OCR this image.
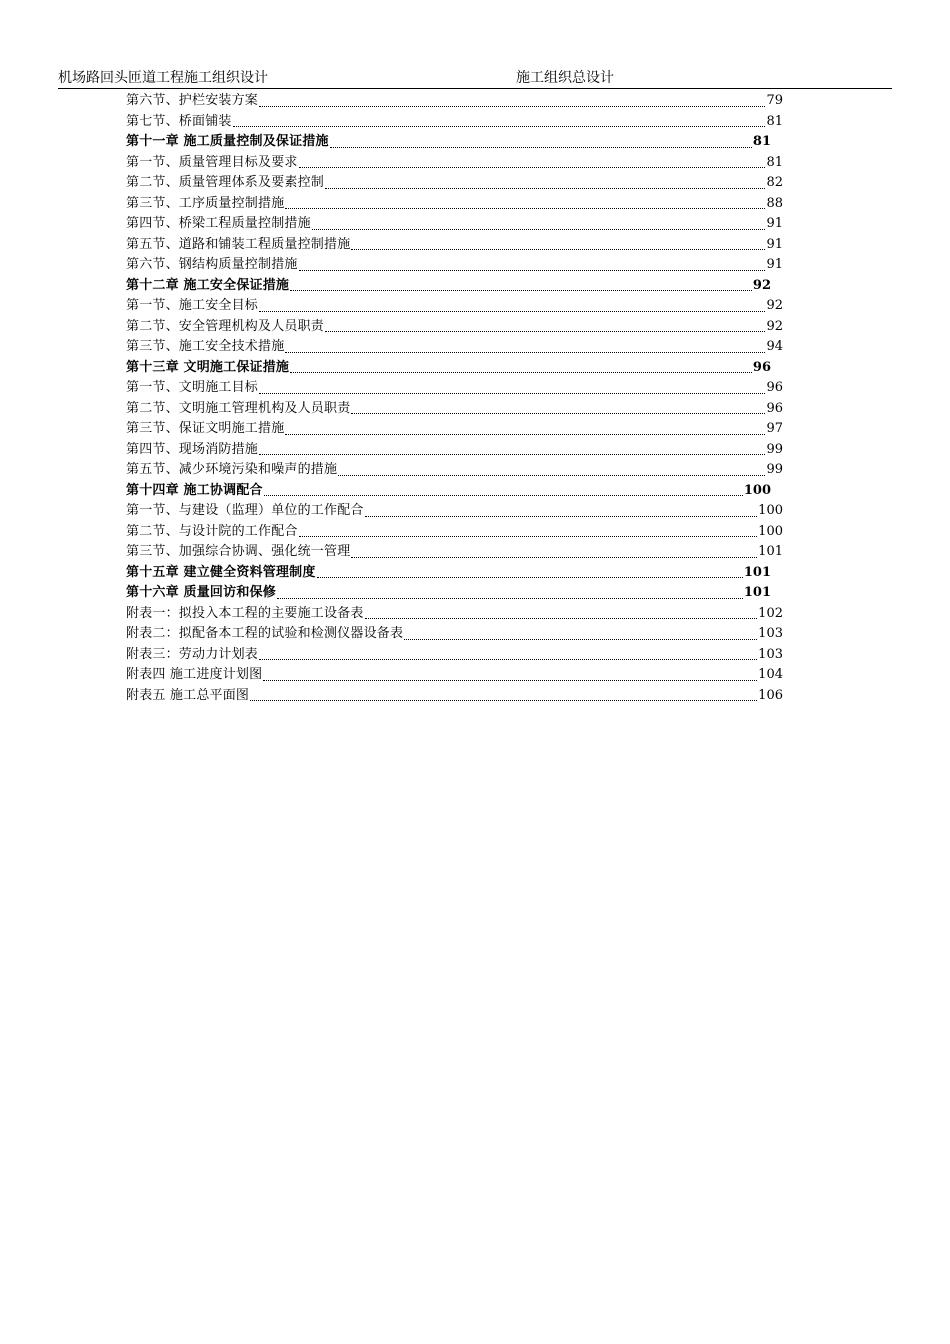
机场路回头匝道工程施工组织设计	施工组织总设计
第六节、护栏安装方案	79
第七节、桥面铺装	81
第十一章 施工质量控制及保证措施	81
第一节、质量管理目标及要求	81
第二节、质量管理体系及要素控制	82
第三节、工序质量控制措施	88
第四节、桥梁工程质量控制措施	91
第五节、道路和铺装工程质量控制措施	91
第六节、钢结构质量控制措施	91
第十二章 施工安全保证措施	92
第一节、施工安全目标	92
第二节、安全管理机构及人员职责	92
第三节、施工安全技术措施	94
第十三章 文明施工保证措施	96
第一节、文明施工目标	96
第二节、文明施工管理机构及人员职责	96
第三节、保证文明施工措施	97
第四节、现场消防措施	99
第五节、减少环境污染和噪声的措施	99
第十四章 施工协调配合	100
第一节、与建设（监理）单位的工作配合	100
第二节、与设计院的工作配合	100
第三节、加强综合协调、强化统一管理	101
第十五章 建立健全资料管理制度	101
第十六章 质量回访和保修	101
附表一：拟投入本工程的主要施工设备表	102
附表二：拟配备本工程的试验和检测仪器设备表	103
附表三：劳动力计划表	103
附表四 施工进度计划图	104
附表五 施工总平面图	106
